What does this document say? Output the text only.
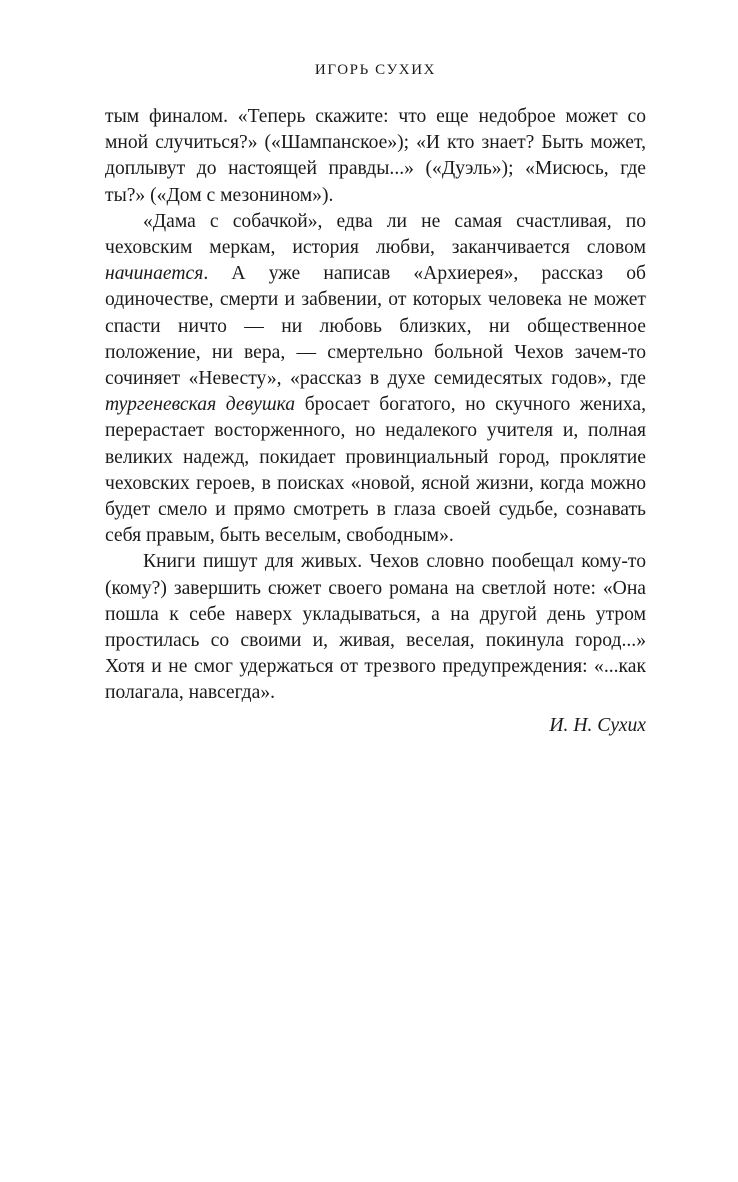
ИГОРЬ СУХИХ

тым финалом. «Теперь скажите: что еще недоброе может со мной случиться?» («Шампанское»); «И кто знает? Быть может, доплывут до настоящей правды...» («Дуэль»); «Мисюсь, где ты?» («Дом с мезонином»).

«Дама с собачкой», едва ли не самая счастливая, по чеховским меркам, история любви, заканчивается словом начинается. А уже написав «Архиерея», рассказ об одиночестве, смерти и забвении, от которых человека не может спасти ничто — ни любовь близких, ни общественное положение, ни вера, — смертельно больной Чехов зачем-то сочиняет «Невесту», «рассказ в духе семидесятых годов», где тургеневская девушка бросает богатого, но скучного жениха, перерастает восторженного, но недалекого учителя и, полная великих надежд, покидает провинциальный город, проклятие чеховских героев, в поисках «новой, ясной жизни, когда можно будет смело и прямо смотреть в глаза своей судьбе, сознавать себя правым, быть веселым, свободным».

Книги пишут для живых. Чехов словно пообещал кому-то (кому?) завершить сюжет своего романа на светлой ноте: «Она пошла к себе наверх укладываться, а на другой день утром простилась со своими и, живая, веселая, покинула город...» Хотя и не смог удержаться от трезвого предупреждения: «...как полагала, навсегда».

И. Н. Сухих
